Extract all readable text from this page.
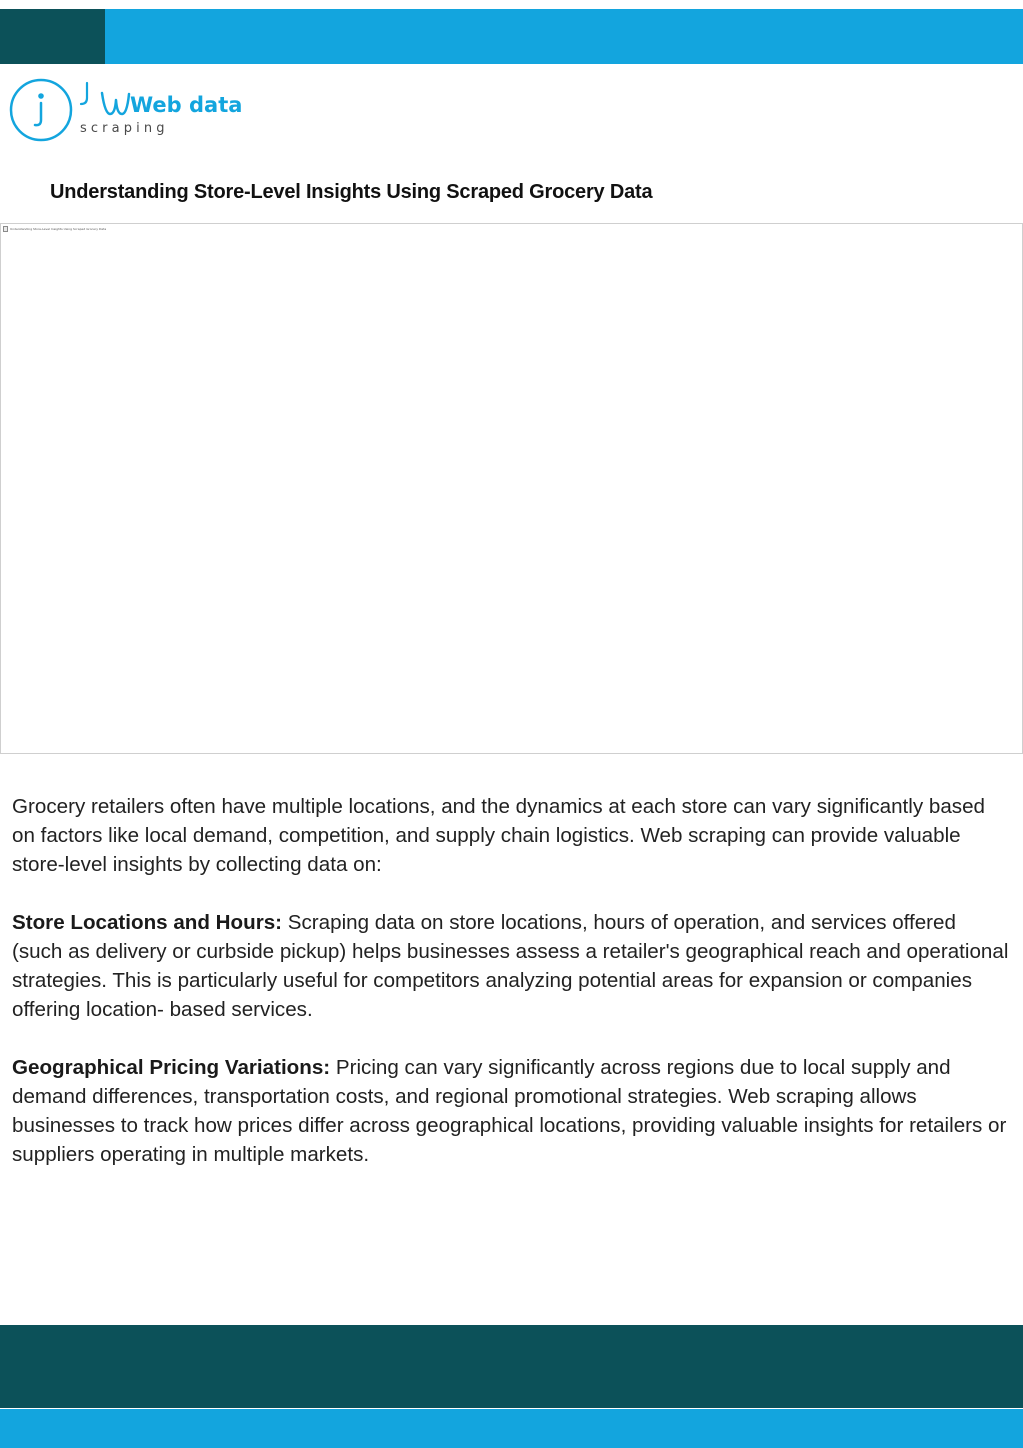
Web data
s c r a p i n g
Understanding Store-Level Insights Using Scraped Grocery Data
Understanding Store-Level Insights Using Scraped Grocery Data

Grocery retailers often have multiple locations, and the dynamics at each store can vary significantly based on factors like local demand, competition, and supply chain logistics. Web scraping can provide valuable store-level insights by collecting data on:

Store Locations and Hours: Scraping data on store locations, hours of operation, and services offered (such as delivery or curbside pickup) helps businesses assess a retailer's geographical reach and operational strategies. This is particularly useful for competitors analyzing potential areas for expansion or companies offering location- based services.

Geographical Pricing Variations: Pricing can vary significantly across regions due to local supply and demand differences, transportation costs, and regional promotional strategies. Web scraping allows businesses to track how prices differ across geographical locations, providing valuable insights for retailers or suppliers operating in multiple markets.
